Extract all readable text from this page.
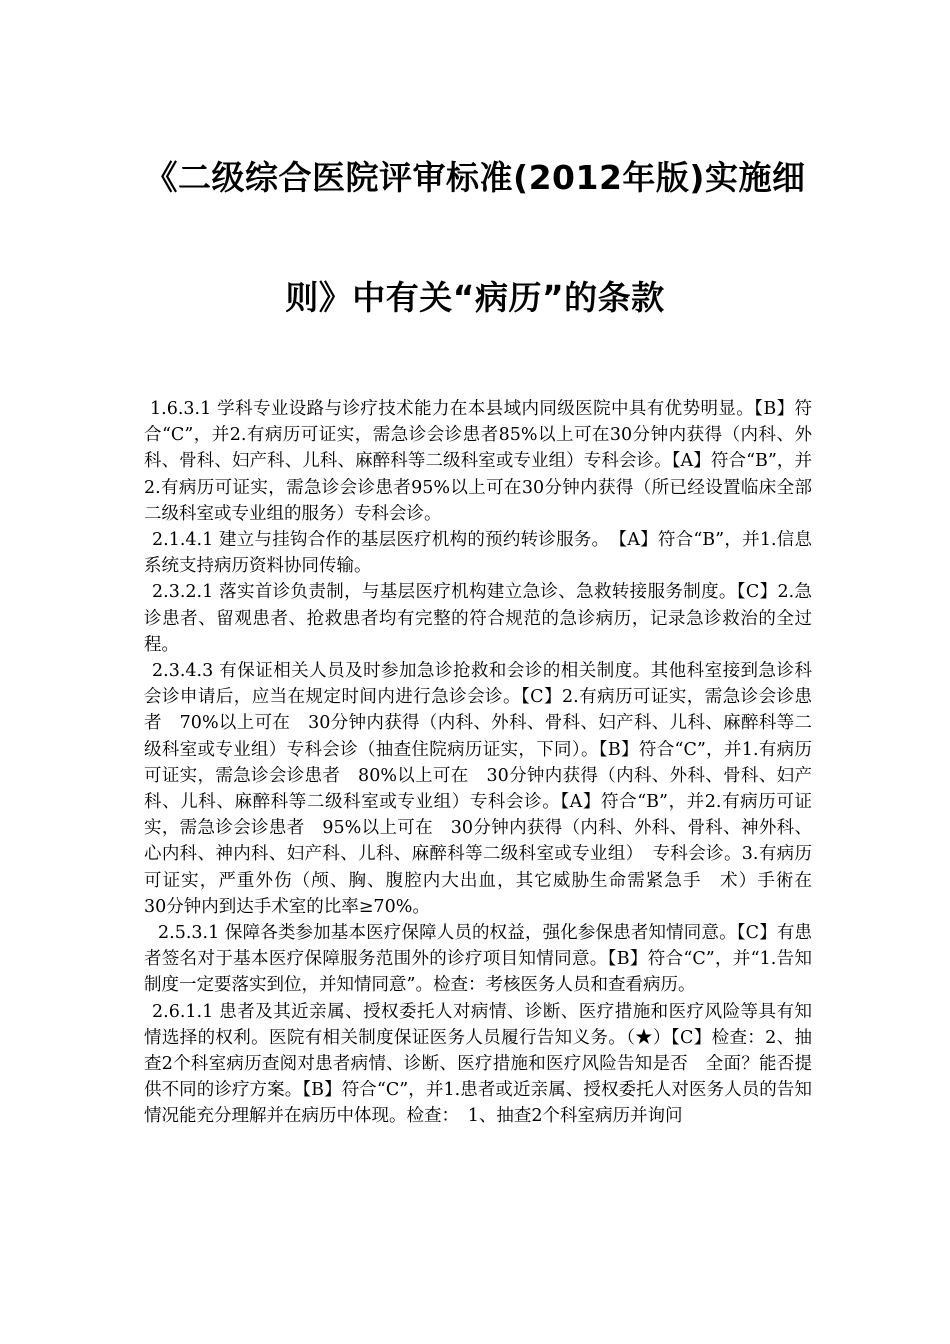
《二级综合医院评审标准(2012年版)实施细
则》中有关“病历”的条款

1.6.3.1 学科专业设路与诊疗技术能力在本县域内同级医院中具有优势明显。【B】符合“C”，并2.有病历可证实，需急诊会诊患者85%以上可在30分钟内获得（内科、外科、骨科、妇产科、儿科、麻醉科等二级科室或专业组）专科会诊。【A】符合“B”，并2.有病历可证实，需急诊会诊患者95%以上可在30分钟内获得（所已经设置临床全部二级科室或专业组的服务）专科会诊。

2.1.4.1 建立与挂钩合作的基层医疗机构的预约转诊服务。　【A】符合“B”，并1.信息系统支持病历资料协同传输。

2.3.2.1 落实首诊负责制，与基层医疗机构建立急诊、急救转接服务制度。【C】2.急诊患者、留观患者、抢救患者均有完整的符合规范的急诊病历，记录急诊救治的全过程。

2.3.4.3 有保证相关人员及时参加急诊抢救和会诊的相关制度。其他科室接到急诊科会诊申请后，应当在规定时间内进行急诊会诊。【C】2.有病历可证实，需急诊会诊患者　70%以上可在　30分钟内获得（内科、外科、骨科、妇产科、儿科、麻醉科等二级科室或专业组）专科会诊（抽查住院病历证实，下同）。【B】符合“C”，并1.有病历可证实，需急诊会诊患者　80%以上可在　30分钟内获得（内科、外科、骨科、妇产科、儿科、麻醉科等二级科室或专业组）专科会诊。【A】符合“B”，并2.有病历可证实，需急诊会诊患者　95%以上可在　30分钟内获得（内科、外科、骨科、神外科、心内科、神内科、妇产科、儿科、麻醉科等二级科室或专业组）　专科会诊。3.有病历可证实，严重外伤（颅、胸、腹腔内大出血，其它威胁生命需紧急手　术）手術在　30分钟内到达手术室的比率≥70%。

2.5.3.1 保障各类参加基本医疗保障人员的权益，强化参保患者知情同意。【C】有患者签名对于基本医疗保障服务范围外的诊疗项目知情同意。【B】符合“C”，并“1.告知制度一定要落实到位，并知情同意”。检查：考核医务人员和查看病历。

2.6.1.1 患者及其近亲属、授权委托人对病情、诊断、医疗措施和医疗风险等具有知情选择的权利。医院有相关制度保证医务人员履行告知义务。（★）【C】检查：2、抽查2个科室病历查阅对患者病情、诊断、医疗措施和医疗风险告知是否　全面？能否提供不同的诊疗方案。【B】符合“C”，并1.患者或近亲属、授权委托人对医务人员的告知情况能充分理解并在病历中体现。检查：　1、抽查2个科室病历并询问
